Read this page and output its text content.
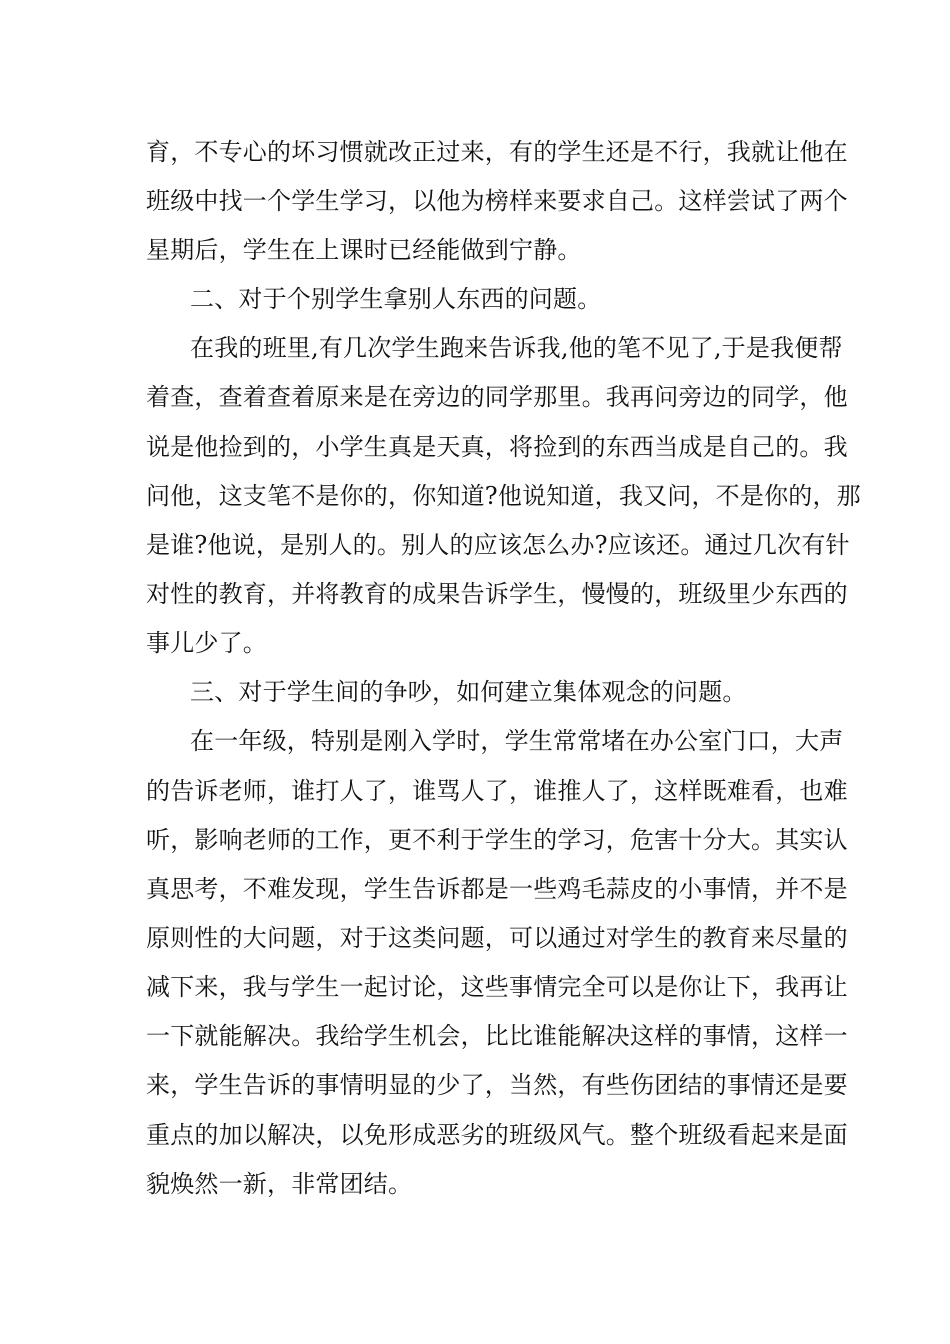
育，不专心的坏习惯就改正过来，有的学生还是不行，我就让他在
班级中找一个学生学习，以他为榜样来要求自己。这样尝试了两个
星期后，学生在上课时已经能做到宁静。
二、对于个别学生拿别人东西的问题。
在我的班里,有几次学生跑来告诉我,他的笔不见了,于是我便帮
着查，查着查着原来是在旁边的同学那里。我再问旁边的同学，他
说是他捡到的，小学生真是天真，将捡到的东西当成是自己的。我
问他，这支笔不是你的，你知道?他说知道，我又问，不是你的，那
是谁?他说，是别人的。别人的应该怎么办?应该还。通过几次有针
对性的教育，并将教育的成果告诉学生，慢慢的，班级里少东西的
事儿少了。
三、对于学生间的争吵，如何建立集体观念的问题。
在一年级，特别是刚入学时，学生常常堵在办公室门口，大声
的告诉老师，谁打人了，谁骂人了，谁推人了，这样既难看，也难
听，影响老师的工作，更不利于学生的学习，危害十分大。其实认
真思考，不难发现，学生告诉都是一些鸡毛蒜皮的小事情，并不是
原则性的大问题，对于这类问题，可以通过对学生的教育来尽量的
减下来，我与学生一起讨论，这些事情完全可以是你让下，我再让
一下就能解决。我给学生机会，比比谁能解决这样的事情，这样一
来，学生告诉的事情明显的少了，当然，有些伤团结的事情还是要
重点的加以解决，以免形成恶劣的班级风气。整个班级看起来是面
貌焕然一新，非常团结。
